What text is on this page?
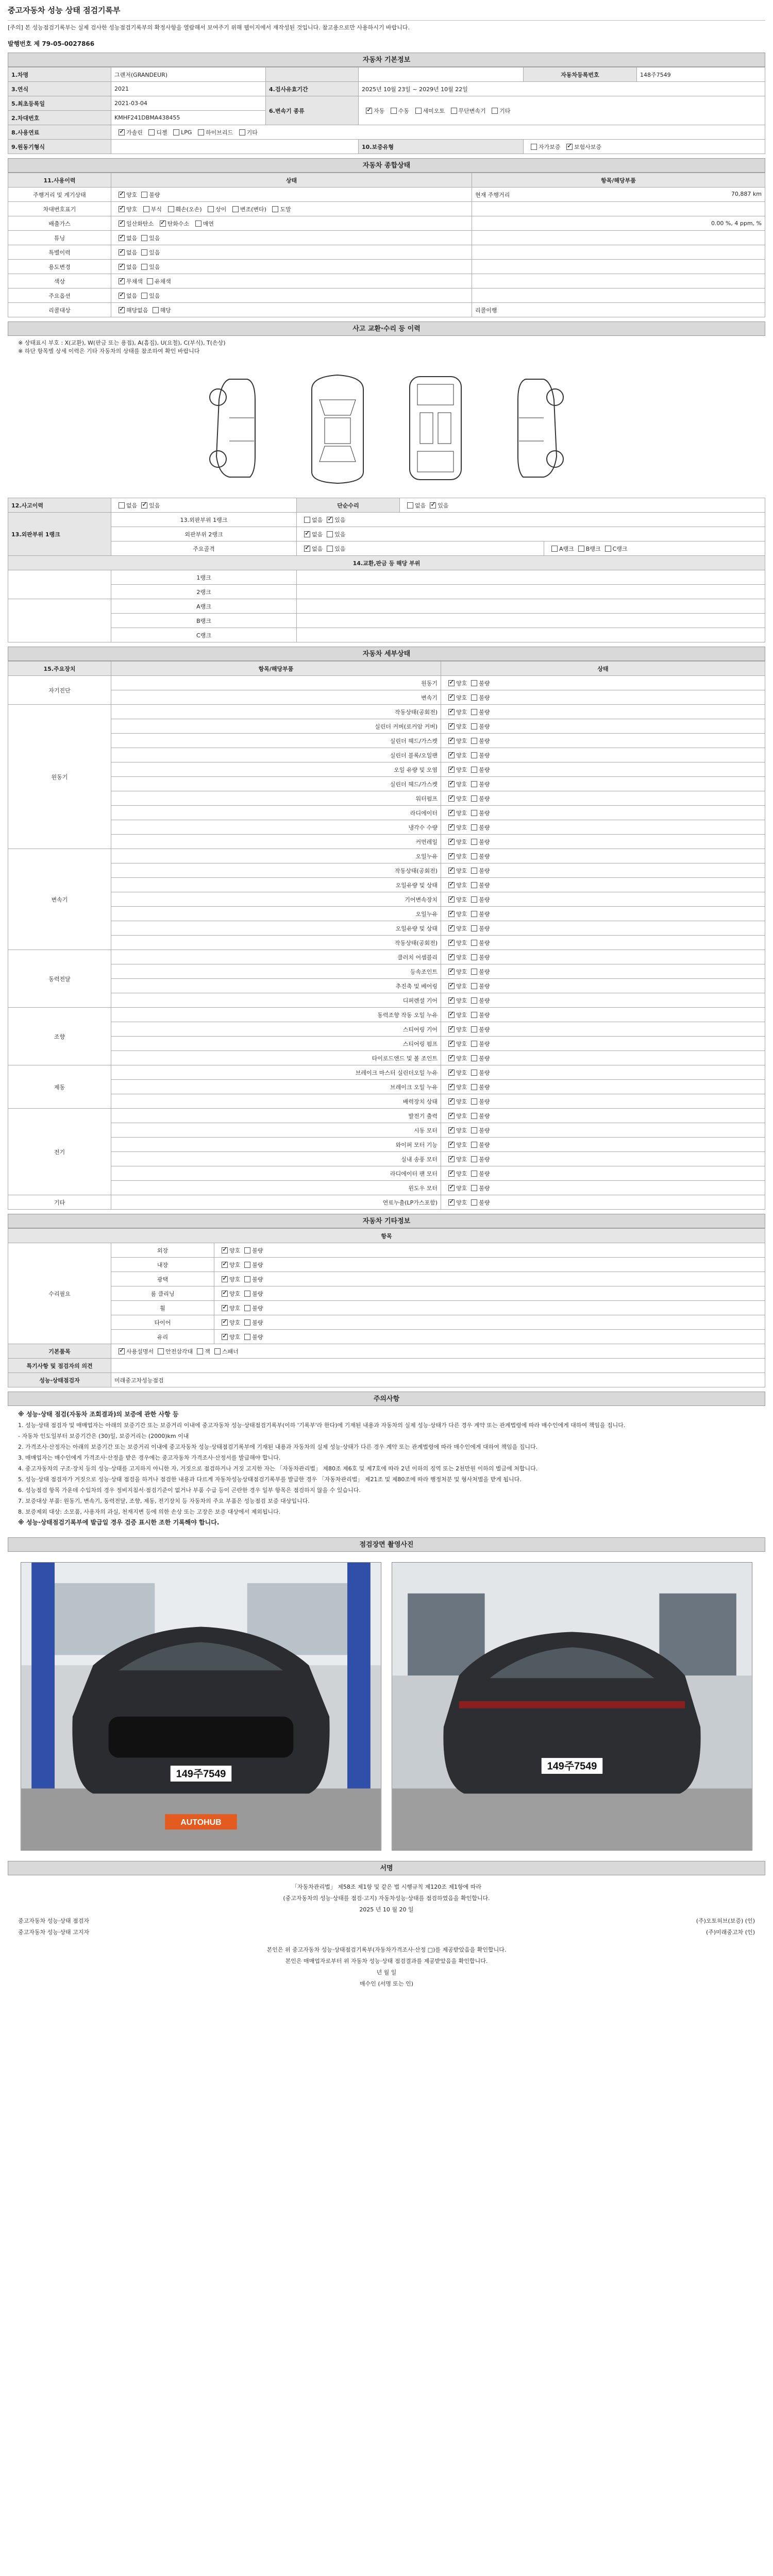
중고자동차 성능 상태 점검기록부
[주의] 본 성능점검기록부는 실제 검사한 성능점검기록부의 확정사항을 열람해서 보여주기 위해 웹이지에서 재작성된 것입니다. 참고용으로만 사용하시기 바랍니다.
발행번호 제 79-05-0027866
자동차 기본정보
1.차명	그랜저(GRANDEUR)			자동차등록번호	148주7549
3.연식	2021	4.검사유효기간	2025년 10월 23일 ~ 2029년 10월 22일		
5.최초등록일	2021-03-04	6.변속기 종류	✓자동 수동 세미오토 무단변속기 기타
2.차대번호	KMHF241DBMA438455				
8.사용연료	✓가솔린 디젤 LPG 하이브리드 기타
9.원동기형식			10.보증유형	자가보증 ✓ 보험사보증
자동차 종합상태
11.사용이력	상태	항목/해당부품
주행거리 및 계기상태	✓양호 불량	현재 주행거리 70,887 km

차대번호표기	✓양호 부식 훼손(오손) 상이 변조(변타) 도말	
배출가스	✓일산화탄소 ✓ 탄화수소 매연	0.00 %, 4 ppm, %
튜닝	✓없음 있음	
특별이력	✓없음 있음	
용도변경	✓없음 있음	
색상	✓무채색 유채색	
주요옵션	✓없음 있음	
리콜대상	✓해당없음 해당	리콜이행
사고 교환·수리 등 이력
※ 상태표시 부호 : X(교환), W(판금 또는 용접), A(흠집), U(요철), C(부식), T(손상)
※ 하단 항목별 상세 이력은 기타 자동차의 상태를 참조하여 확인 바랍니다
12.사고이력	없음 ✓ 있음	단순수리	없음 ✓ 있음
13.외판부위 1랭크	13.외판부위 1랭크	없음 ✓ 있음
	외판부위 2랭크	✓없음 있음
	주요골격	✓없음 있음		A랭크 B랭크 C랭크
14.교환,판금 등 해당 부위				
	1랭크			
	2랭크			
	A랭크			
	B랭크			
	C랭크			
자동차 세부상태
15.주요장치	항목/해당부품	상태
자기진단	원동기	✓양호 불량
	변속기	✓양호 불량
원동기	작동상태(공회전)	✓양호 불량
	실린더 커버(로커암 커버)	✓양호 불량
	실린더 헤드/가스켓	✓양호 불량
	실린더 블록/오일팬	✓양호 불량
	오일 유량 및 오염	✓양호 불량
	실린더 헤드/가스켓	✓양호 불량
	워터펌프	✓양호 불량
	라디에이터	✓양호 불량
	냉각수 수량	✓양호 불량
	커먼레일	✓양호 불량
변속기	오일누유	✓양호 불량
	작동상태(공회전)	✓양호 불량
	오일유량 및 상태	✓양호 불량
	기어변속장치	✓양호 불량
	오일누유	✓양호 불량
	오일유량 및 상태	✓양호 불량
	작동상태(공회전)	✓양호 불량
동력전달	클러치 어셈블리	✓양호 불량
	등속조인트	✓양호 불량
	추진축 및 베어링	✓양호 불량
	디퍼렌셜 기어	✓양호 불량
조향	동력조향 작동 오일 누유	✓양호 불량
	스티어링 기어	✓양호 불량
	스티어링 펌프	✓양호 불량
	타이로드엔드 및 볼 조인트	✓양호 불량
제동	브레이크 마스터 실린더오일 누유	✓양호 불량
	브레이크 오일 누유	✓양호 불량
	배력장치 상태	✓양호 불량
전기	발전기 출력	✓양호 불량
	시동 모터	✓양호 불량
	와이퍼 모터 기능	✓양호 불량
	실내 송풍 모터	✓양호 불량
	라디에이터 팬 모터	✓양호 불량
	윈도우 모터	✓양호 불량
기타	연료누출(LP가스포함)	✓양호 불량
자동차 기타정보
항목		
수리필요	외장	✓양호 불량
	내장	✓양호 불량
	광택	✓양호 불량
	룸 클리닝	✓양호 불량
	휠	✓양호 불량
	타이어	✓양호 불량
	유리	✓양호 불량
기본품목	✓사용설명서 안전삼각대 잭 스패너
특기사항 및 점검자의 의견		
성능·상태점검자	미래중고차성능점검	
주의사항

※ 성능·상태 점검(자동차 조회결과)의 보증에 관한 사항 등

1. 성능·상태 점검자 및 매매업자는 아래의 보증기간 또는 보증거리 이내에 중고자동차 성능·상태점검기록부(이하 '기록부'라 한다)에 기재된 내용과 자동차의 실제 성능·상태가 다른 경우 계약 또는 관계법령에 따라 매수인에게 대하여 책임을 집니다.

- 자동차 인도일부터 보증기간은 (30)일, 보증거리는 (2000)km 이내

2. 가격조사·산정자는 아래의 보증기간 또는 보증거리 이내에 중고자동차 성능·상태점검기록부에 기재된 내용과 자동차의 실제 성능·상태가 다른 경우 계약 또는 관계법령에 따라 매수인에게 대하여 책임을 집니다.

3. 매매업자는 매수인에게 가격조사·산정을 받은 경우에는 중고자동차 가격조사·산정서를 발급해야 합니다.

4. 중고자동차의 구조·장치 등의 성능·상태를 고지하지 아니한 자, 거짓으로 점검하거나 거짓 고지한 자는 「자동차관리법」 제80조 제6호 및 제7호에 따라 2년 이하의 징역 또는 2천만원 이하의 벌금에 처합니다.

5. 성능·상태 점검자가 거짓으로 성능·상태 점검을 하거나 점검한 내용과 다르게 자동차성능상태점검기록부를 발급한 경우 「자동차관리법」 제21조 및 제80조에 따라 행정처분 및 형사처벌을 받게 됩니다.

6. 성능점검 항목 가운데 수입차의 경우 정비지침서·점검기준이 없거나 부품 수급 등이 곤란한 경우 일부 항목은 점검하지 않을 수 있습니다.

7. 보증대상 부품: 원동기, 변속기, 동력전달, 조향, 제동, 전기장치 등 자동차의 주요 부품은 성능점검 보증 대상입니다.

8. 보증제외 대상: 소모품, 사용자의 과실, 천재지변 등에 의한 손상 또는 고장은 보증 대상에서 제외됩니다.

※ 성능·상태점검기록부에 발급일 경우 검증 표시한 조한 기록해야 합니다.

점검장면 촬영사진
149주7549
AUTOHUB
149주7549
서명
「자동차관리법」 제58조 제1항 및 같은 법 시행규칙 제120조 제1항에 따라
(중고자동차의 성능·상태를 점검·고지) 자동차성능·상태를 점검하였음을 확인합니다.
2025 년 10 월 20 일
중고자동차 성능·상태 점검자	(주)오토허브(보증) (인)
중고자동차 성능·상태 고지자	(주)미래중고차 (인)
본인은 위 중고자동차 성능·상태점검기록부(자동차가격조사·산정 □)를 제공받았음을 확인합니다.
본인은 매매업자로부터 위 자동차 성능·상태 점검결과를 제공받았음을 확인합니다.
년 월 일
매수인 (서명 또는 인)
